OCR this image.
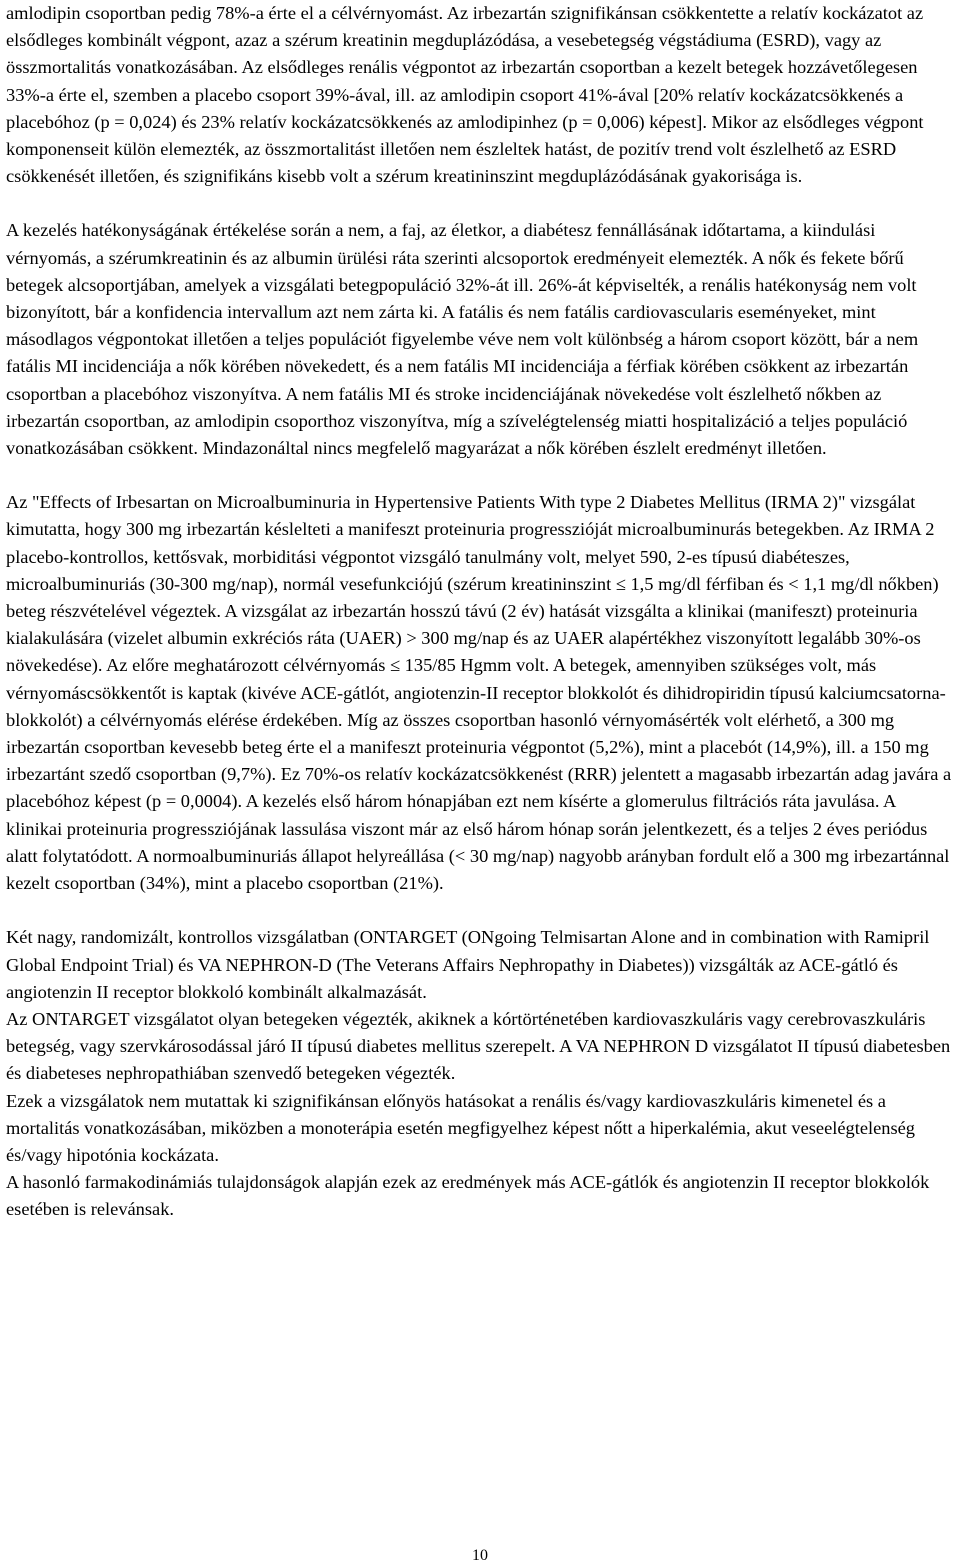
amlodipin csoportban pedig 78%-a érte el a célvérnyomást. Az irbezartán szignifikánsan csökkentette a relatív kockázatot az elsődleges kombinált végpont, azaz a szérum kreatinin megduplázódása, a vesebetegség végstádiuma (ESRD), vagy az összmortalitás vonatkozásában. Az elsődleges renális végpontot az irbezartán csoportban a kezelt betegek hozzávetőlegesen 33%-a érte el, szemben a placebo csoport 39%-ával, ill. az amlodipin csoport 41%-ával [20% relatív kockázatcsökkenés a placebóhoz (p = 0,024) és 23% relatív kockázatcsökkenés az amlodipinhez (p = 0,006) képest]. Mikor az elsődleges végpont komponenseit külön elemezték, az összmortalitást illetően nem észleltek hatást, de pozitív trend volt észlelhető az ESRD csökkenését illetően, és szignifikáns kisebb volt a szérum kreatininszint megduplázódásának gyakorisága is.

A kezelés hatékonyságának értékelése során a nem, a faj, az életkor, a diabétesz fennállásának időtartama, a kiindulási vérnyomás, a szérumkreatinin és az albumin ürülési ráta szerinti alcsoportok eredményeit elemezték. A nők és fekete bőrű betegek alcsoportjában, amelyek a vizsgálati betegpopuláció 32%-át ill. 26%-át képviselték, a renális hatékonyság nem volt bizonyított, bár a konfidencia intervallum azt nem zárta ki. A fatális és nem fatális cardiovascularis eseményeket, mint másodlagos végpontokat illetően a teljes populációt figyelembe véve nem volt különbség a három csoport között, bár a nem fatális MI incidenciája a nők körében növekedett, és a nem fatális MI incidenciája a férfiak körében csökkent az irbezartán csoportban a placebóhoz viszonyítva. A nem fatális MI és stroke incidenciájának növekedése volt észlelhető nőkben az irbezartán csoportban, az amlodipin csoporthoz viszonyítva, míg a szívelégtelenség miatti hospitalizáció a teljes populáció vonatkozásában csökkent. Mindazonáltal nincs megfelelő magyarázat a nők körében észlelt eredményt illetően.

Az "Effects of Irbesartan on Microalbuminuria in Hypertensive Patients With type 2 Diabetes Mellitus (IRMA 2)" vizsgálat kimutatta, hogy 300 mg irbezartán késlelteti a manifeszt proteinuria progresszióját microalbuminurás betegekben. Az IRMA 2 placebo-kontrollos, kettősvak, morbiditási végpontot vizsgáló tanulmány volt, melyet 590, 2-es típusú diabéteszes, microalbuminuriás (30-300 mg/nap), normál vesefunkciójú (szérum kreatininszint ≤ 1,5 mg/dl férfiban és < 1,1 mg/dl nőkben) beteg részvételével végeztek. A vizsgálat az irbezartán hosszú távú (2 év) hatását vizsgálta a klinikai (manifeszt) proteinuria kialakulására (vizelet albumin exkréciós ráta (UAER) > 300 mg/nap és az UAER alapértékhez viszonyított legalább 30%-os növekedése). Az előre meghatározott célvérnyomás ≤ 135/85 Hgmm volt. A betegek, amennyiben szükséges volt, más vérnyomáscsökkentőt is kaptak (kivéve ACE-gátlót, angiotenzin-II receptor blokkolót és dihidropiridin típusú kalciumcsatorna-blokkolót) a célvérnyomás elérése érdekében. Míg az összes csoportban hasonló vérnyomásérték volt elérhető, a 300 mg irbezartán csoportban kevesebb beteg érte el a manifeszt proteinuria végpontot (5,2%), mint a placebót (14,9%), ill. a 150 mg irbezartánt szedő csoportban (9,7%). Ez 70%-os relatív kockázatcsökkenést (RRR) jelentett a magasabb irbezartán adag javára a placebóhoz képest (p = 0,0004). A kezelés első három hónapjában ezt nem kísérte a glomerulus filtrációs ráta javulása. A klinikai proteinuria progressziójának lassulása viszont már az első három hónap során jelentkezett, és a teljes 2 éves periódus alatt folytatódott. A normoalbuminuriás állapot helyreállása (< 30 mg/nap) nagyobb arányban fordult elő a 300 mg irbezartánnal kezelt csoportban (34%), mint a placebo csoportban (21%).

Két nagy, randomizált, kontrollos vizsgálatban (ONTARGET (ONgoing Telmisartan Alone and in combination with Ramipril Global Endpoint Trial) és VA NEPHRON-D (The Veterans Affairs Nephropathy in Diabetes)) vizsgálták az ACE-gátló és angiotenzin II receptor blokkoló kombinált alkalmazását.

Az ONTARGET vizsgálatot olyan betegeken végezték, akiknek a kórtörténetében kardiovaszkuláris vagy cerebrovaszkuláris betegség, vagy szervkárosodással járó II típusú diabetes mellitus szerepelt. A VA NEPHRON D vizsgálatot II típusú diabetesben és diabeteses nephropathiában szenvedő betegeken végezték.

Ezek a vizsgálatok nem mutattak ki szignifikánsan előnyös hatásokat a renális és/vagy kardiovaszkuláris kimenetel és a mortalitás vonatkozásában, miközben a monoterápia esetén megfigyelhez képest nőtt a hiperkalémia, akut veseelégtelenség és/vagy hipotónia kockázata.

A hasonló farmakodinámiás tulajdonságok alapján ezek az eredmények más ACE-gátlók és angiotenzin II receptor blokkolók esetében is relevánsak.

10
